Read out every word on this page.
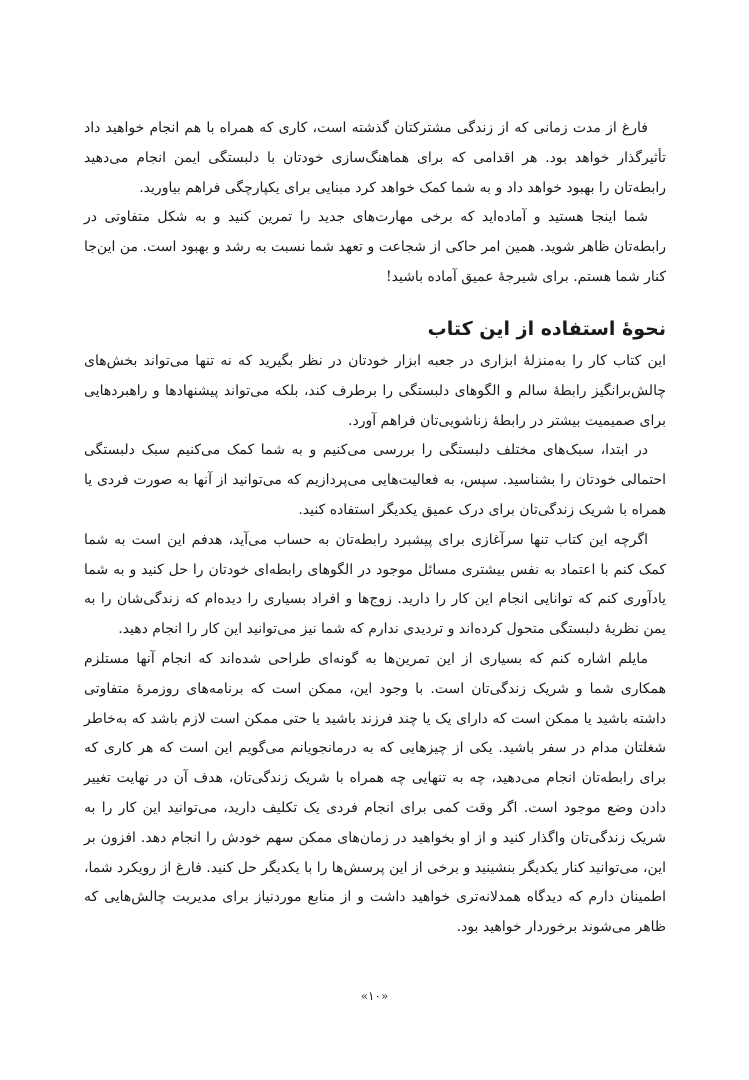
فارغ از مدت زمانی که از زندگی مشترکتان گذشته است، کاری که همراه با هم انجام خواهید داد تأثیرگذار خواهد بود. هر اقدامی که برای هماهنگ‌سازی خودتان با دلبستگی ایمن انجام می‌دهید رابطه‌تان را بهبود خواهد داد و به شما کمک خواهد کرد مبنایی برای یکپارچگی فراهم بیاورید.

شما اینجا هستید و آماده‌اید که برخی مهارت‌های جدید را تمرین کنید و به شکل متفاوتی در رابطه‌تان ظاهر شوید. همین امر حاکی از شجاعت و تعهد شما نسبت به رشد و بهبود است. من این‌جا کنار شما هستم. برای شیرجهٔ عمیق آماده باشید!

نحوهٔ استفاده از این کتاب

این کتاب کار را به‌منزلهٔ ابزاری در جعبه ابزار خودتان در نظر بگیرید که نه تنها می‌تواند بخش‌های چالش‌برانگیز رابطهٔ سالم و الگوهای دلبستگی را برطرف کند، بلکه می‌تواند پیشنهادها و راهبردهایی برای صمیمیت بیشتر در رابطهٔ زناشویی‌تان فراهم آورد.

در ابتدا، سبک‌های مختلف دلبستگی را بررسی می‌کنیم و به شما کمک می‌کنیم سبک دلبستگی احتمالی خودتان را بشناسید. سپس، به فعالیت‌هایی می‌پردازیم که می‌توانید از آنها به صورت فردی یا همراه با شریک زندگی‌تان برای درک عمیق یکدیگر استفاده کنید.

اگرچه این کتاب تنها سرآغازی برای پیشبرد رابطه‌تان به حساب می‌آید، هدفم این است به شما کمک کنم با اعتماد به نفس بیشتری مسائل موجود در الگوهای رابطه‌ای خودتان را حل کنید و به شما یادآوری کنم که توانایی انجام این کار را دارید. زوج‌ها و افراد بسیاری را دیده‌ام که زندگی‌شان را به یمن نظریهٔ دلبستگی متحول کرده‌اند و تردیدی ندارم که شما نیز می‌توانید این کار را انجام دهید.

مایلم اشاره کنم که بسیاری از این تمرین‌ها به گونه‌ای طراحی شده‌اند که انجام آنها مستلزم همکاری شما و شریک زندگی‌تان است. با وجود این، ممکن است که برنامه‌های روزمرهٔ متفاوتی داشته باشید یا ممکن است که دارای یک یا چند فرزند باشید یا حتی ممکن است لازم باشد که به‌خاطر شغلتان مدام در سفر باشید. یکی از چیزهایی که به درمانجویانم می‌گویم این است که هر کاری که برای رابطه‌تان انجام می‌دهید، چه به تنهایی چه همراه با شریک زندگی‌تان، هدف آن در نهایت تغییر دادن وضع موجود است. اگر وقت کمی برای انجام فردی یک تکلیف دارید، می‌توانید این کار را به شریک زندگی‌تان واگذار کنید و از او بخواهید در زمان‌های ممکن سهم خودش را انجام دهد. افزون بر این، می‌توانید کنار یکدیگر بنشینید و برخی از این پرسش‌ها را با یکدیگر حل کنید. فارغ از رویکرد شما، اطمینان دارم که دیدگاه همدلانه‌تری خواهید داشت و از منابع موردنیاز برای مدیریت چالش‌هایی که ظاهر می‌شوند برخوردار خواهید بود.

«۱۰»
